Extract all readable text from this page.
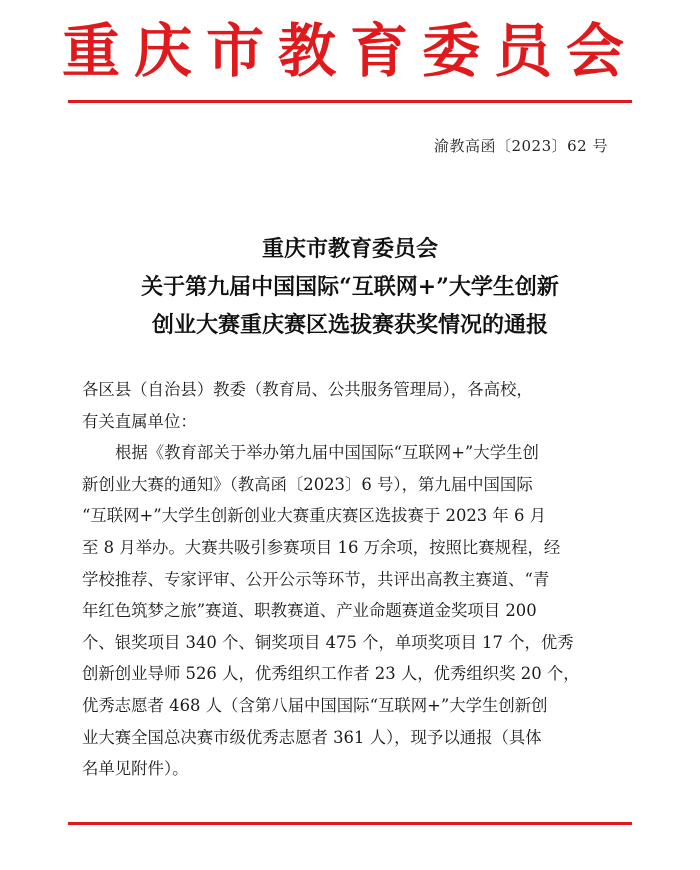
重庆市教育委员会
渝教高函〔2023〕62 号
重庆市教育委员会
关于第九届中国国际“互联网+”大学生创新
创业大赛重庆赛区选拔赛获奖情况的通报
各区县（自治县）教委（教育局、公共服务管理局），各高校，
有关直属单位：
根据《教育部关于举办第九届中国国际“互联网+”大学生创
新创业大赛的通知》（教高函〔2023〕6 号），第九届中国国际
“互联网+”大学生创新创业大赛重庆赛区选拔赛于 2023 年 6 月
至 8 月举办。大赛共吸引参赛项目 16 万余项，按照比赛规程，经
学校推荐、专家评审、公开公示等环节，共评出高教主赛道、“青
年红色筑梦之旅”赛道、职教赛道、产业命题赛道金奖项目 200
个、银奖项目 340 个、铜奖项目 475 个，单项奖项目 17 个，优秀
创新创业导师 526 人，优秀组织工作者 23 人，优秀组织奖 20 个，
优秀志愿者 468 人（含第八届中国国际“互联网+”大学生创新创
业大赛全国总决赛市级优秀志愿者 361 人），现予以通报（具体
名单见附件）。
